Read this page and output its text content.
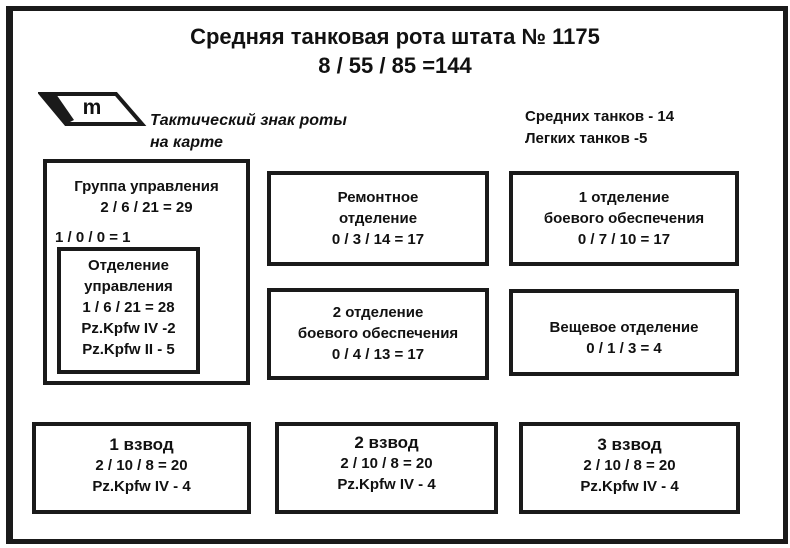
Средняя танковая рота штата № 1175
8 / 55 / 85 =144
m
Тактический знак роты
на карте
Средних танков - 14
Легких танков -5
Группа управления
2 / 6 / 21 = 29
1 / 0 / 0 = 1
Отделение
управления
1 / 6 / 21 = 28
Pz.Kpfw IV -2
Pz.Kpfw II - 5
Ремонтное
отделение
0 / 3 / 14 = 17
2 отделение
боевого обеспечения
0 / 4 / 13 = 17
1 отделение
боевого обеспечения
0 / 7 / 10 = 17
Вещевое отделение
0 / 1 / 3 = 4
1 взвод
2 / 10 / 8 = 20
Pz.Kpfw IV - 4
2 взвод
2 / 10 / 8 = 20
Pz.Kpfw IV - 4
3 взвод
2 / 10 / 8 = 20
Pz.Kpfw IV - 4
